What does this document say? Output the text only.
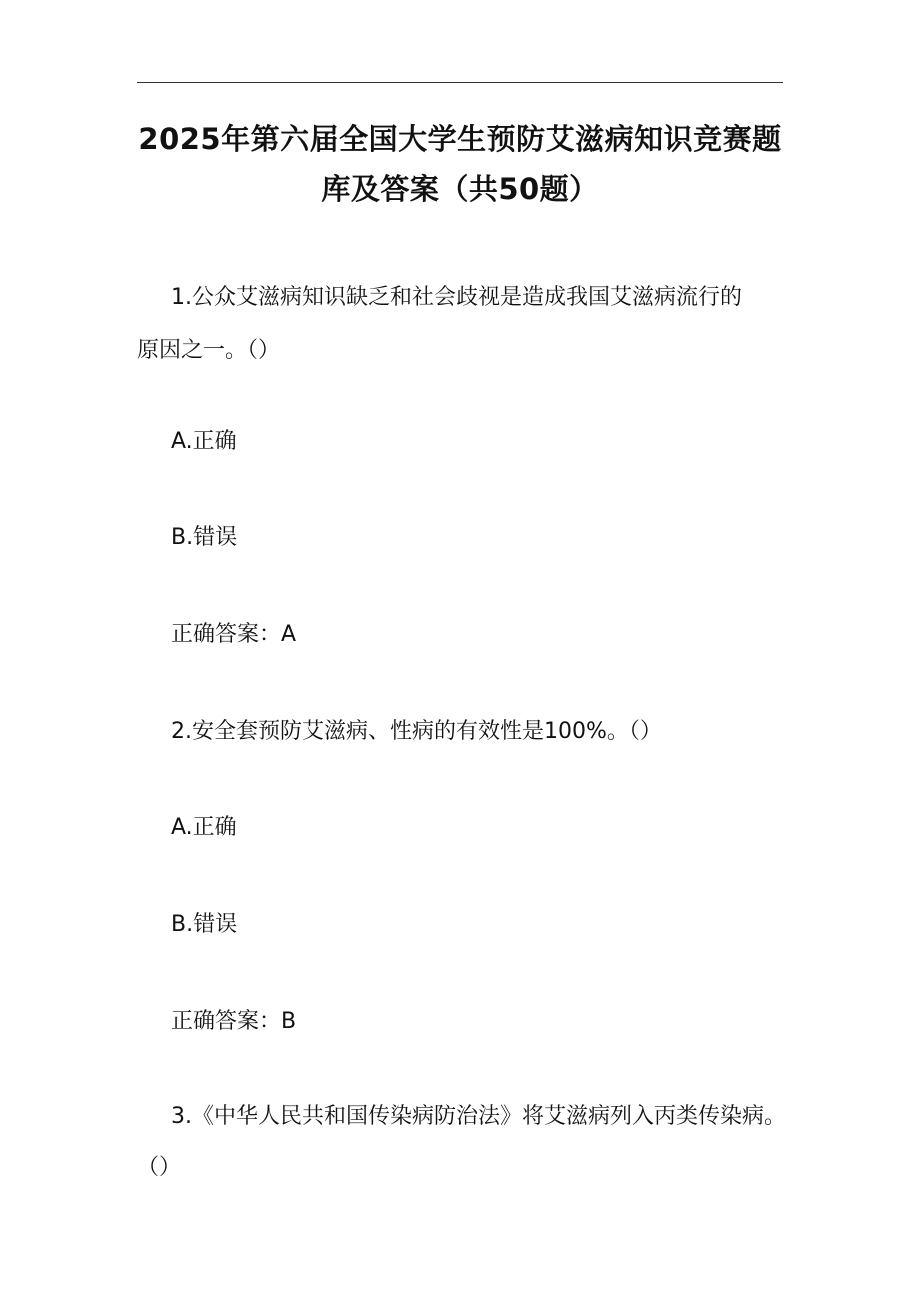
2025年第六届全国大学生预防艾滋病知识竞赛题
库及答案（共50题）

1.公众艾滋病知识缺乏和社会歧视是造成我国艾滋病流行的

原因之一。（）

A.正确

B.错误

正确答案：A

2.安全套预防艾滋病、性病的有效性是100%。（）

A.正确

B.错误

正确答案：B

3.《中华人民共和国传染病防治法》将艾滋病列入丙类传染病。

（）
